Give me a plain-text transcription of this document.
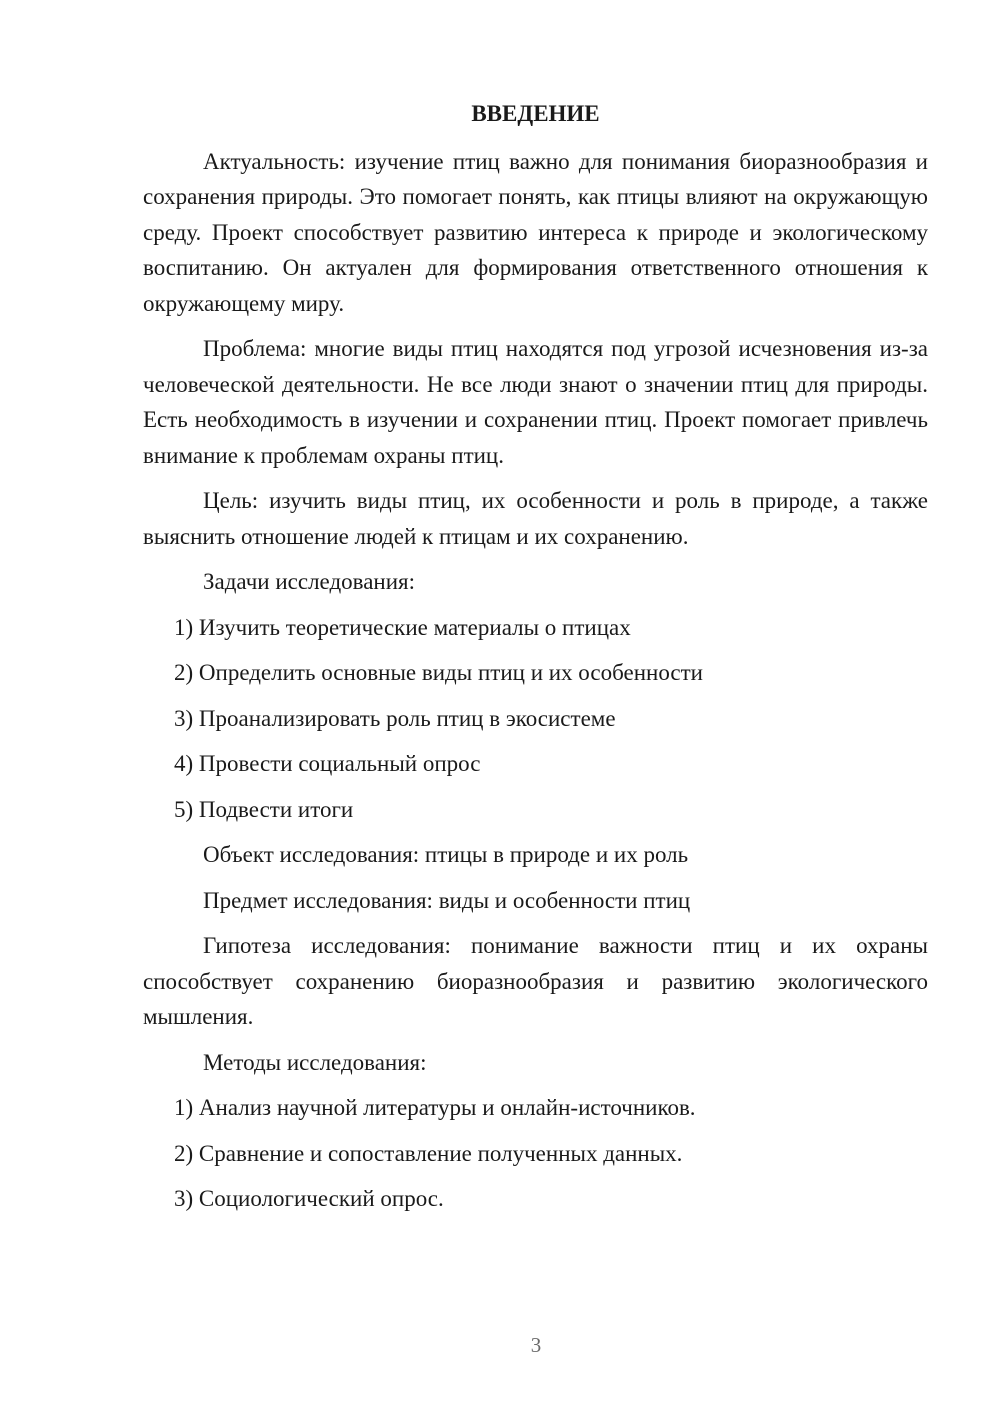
ВВЕДЕНИЕ

Актуальность: изучение птиц важно для понимания биоразнообразия и сохранения природы. Это помогает понять, как птицы влияют на окружающую среду. Проект способствует развитию интереса к природе и экологическому воспитанию. Он актуален для формирования ответственного отношения к окружающему миру.

Проблема: многие виды птиц находятся под угрозой исчезновения из-за человеческой деятельности. Не все люди знают о значении птиц для природы. Есть необходимость в изучении и сохранении птиц. Проект помогает привлечь внимание к проблемам охраны птиц.

Цель: изучить виды птиц, их особенности и роль в природе, а также выяснить отношение людей к птицам и их сохранению.

Задачи исследования:

1) Изучить теоретические материалы о птицах

2) Определить основные виды птиц и их особенности

3) Проанализировать роль птиц в экосистеме

4) Провести социальный опрос

5) Подвести итоги

Объект исследования: птицы в природе и их роль

Предмет исследования: виды и особенности птиц

Гипотеза исследования: понимание важности птиц и их охраны способствует сохранению биоразнообразия и развитию экологического мышления.

Методы исследования:

1) Анализ научной литературы и онлайн-источников.

2) Сравнение и сопоставление полученных данных.

3) Социологический опрос.

3
